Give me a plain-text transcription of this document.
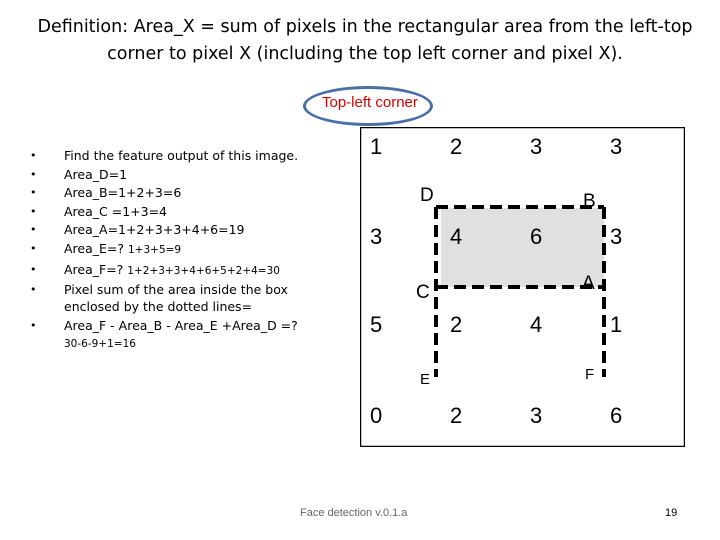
Definition: Area_X = sum of pixels in the rectangular area from the left-top corner to pixel X (including the top left corner and pixel X).
Top-left corner
• Find the feature output of this image.
• Area_D=1
• Area_B=1+2+3=6
• Area_C =1+3=4
• Area_A=1+2+3+3+4+6=19
• Area_E=? 1+3+5=9
• Area_F=? 1+2+3+3+4+6+5+2+4=30
• Pixel sum of the area inside the box enclosed by the dotted lines=
• Area_F - Area_B - Area_E +Area_D =?
30-6-9+1=16
1	2	3	3
3	4	6	3
5	2	4	1
0	2	3	6
D	B
C	A
E	F
Face detection v.0.1.a	19
